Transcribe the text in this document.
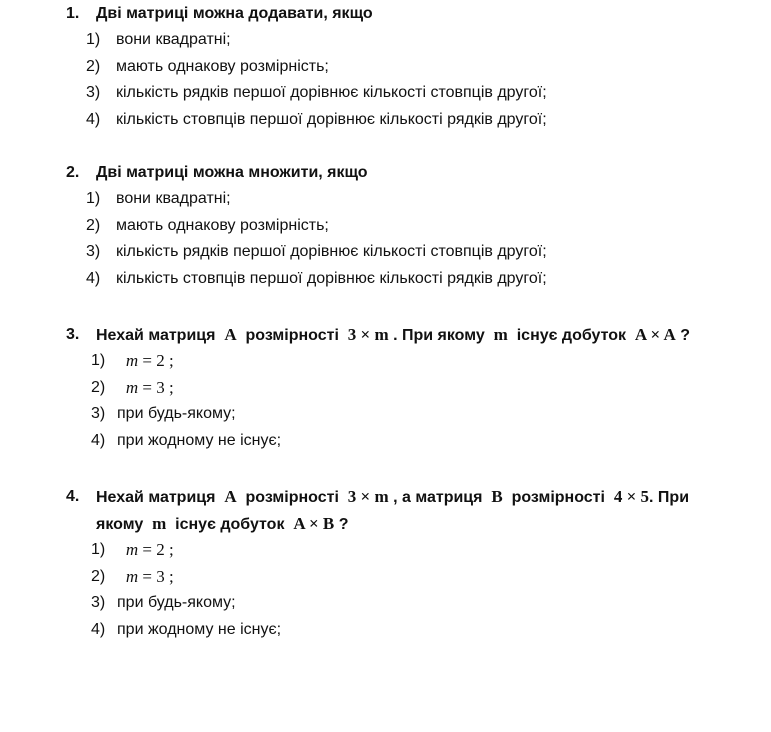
1. Дві матриці можна додавати, якщо
1) вони квадратні;
2) мають однакову розмірність;
3) кількість рядків першої дорівнює кількості стовпців другої;
4) кількість стовпців першої дорівнює кількості рядків другої;
2. Дві матриці можна множити, якщо
1) вони квадратні;
2) мають однакову розмірність;
3) кількість рядків першої дорівнює кількості стовпців другої;
4) кількість стовпців першої дорівнює кількості рядків другої;
3. Нехай матриця A розмірності 3 × m . При якому m існує добуток A × A ?
1)	m = 2 ;
2)	m = 3 ;
3) при будь-якому;
4) при жодному не існує;
4. Нехай матриця A розмірності 3 × m , а матриця B розмірності 4 × 5. При
якому m існує добуток A × B ?
1)	m = 2 ;
2)	m = 3 ;
3) при будь-якому;
4) при жодному не існує;
